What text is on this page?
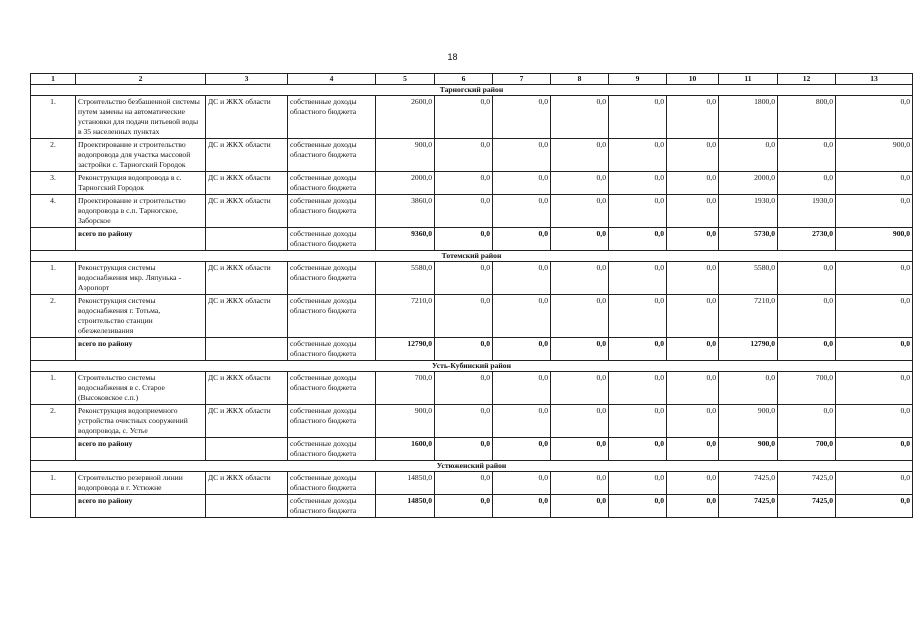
18
1	2	3	4	5	6	7	8	9	10	11	12	13
Тарногский район												
1.	Строительство безбашенной системы путем замены на автоматические установки для подачи питьевой воды в 35 населенных пунктах	ДС и ЖКХ области	собственные доходы областного бюджета	2600,0	0,0	0,0	0,0	0,0	0,0	1800,0	800,0	0,0
2.	Проектирование и строительство водопровода для участка массовой застройки с. Тарногский Городок	ДС и ЖКХ области	собственные доходы областного бюджета	900,0	0,0	0,0	0,0	0,0	0,0	0,0	0,0	900,0
3.	Реконструкция водопровода в с. Тарногский Городок	ДС и ЖКХ области	собственные доходы областного бюджета	2000,0	0,0	0,0	0,0	0,0	0,0	2000,0	0,0	0,0
4.	Проектирование и строительство водопровода в с.п. Тарногское, Заборское	ДС и ЖКХ области	собственные доходы областного бюджета	3860,0	0,0	0,0	0,0	0,0	0,0	1930,0	1930,0	0,0
	всего по району		собственные доходы областного бюджета	9360,0	0,0	0,0	0,0	0,0	0,0	5730,0	2730,0	900,0
Тотемский район												
1.	Реконструкция системы водоснабжения мкр. Ляпунька - Аэропорт	ДС и ЖКХ области	собственные доходы областного бюджета	5580,0	0,0	0,0	0,0	0,0	0,0	5580,0	0,0	0,0
2.	Реконструкция системы водоснабжения г. Тотьма, строительство станции обезжелезивания	ДС и ЖКХ области	собственные доходы областного бюджета	7210,0	0,0	0,0	0,0	0,0	0,0	7210,0	0,0	0,0
	всего по району		собственные доходы областного бюджета	12790,0	0,0	0,0	0,0	0,0	0,0	12790,0	0,0	0,0
Усть-Кубинский район												
1.	Строительство системы водоснабжения в с. Старое (Высоковское с.п.)	ДС и ЖКХ области	собственные доходы областного бюджета	700,0	0,0	0,0	0,0	0,0	0,0	0,0	700,0	0,0
2.	Реконструкция водоприемного устройства очистных сооружений водопровода, с. Устье	ДС и ЖКХ области	собственные доходы областного бюджета	900,0	0,0	0,0	0,0	0,0	0,0	900,0	0,0	0,0
	всего по району		собственные доходы областного бюджета	1600,0	0,0	0,0	0,0	0,0	0,0	900,0	700,0	0,0
Устюженский район												
1.	Строительство резервной линии водопровода в г. Устюжне	ДС и ЖКХ области	собственные доходы областного бюджета	14850,0	0,0	0,0	0,0	0,0	0,0	7425,0	7425,0	0,0
	всего по району		собственные доходы областного бюджета	14850,0	0,0	0,0	0,0	0,0	0,0	7425,0	7425,0	0,0
